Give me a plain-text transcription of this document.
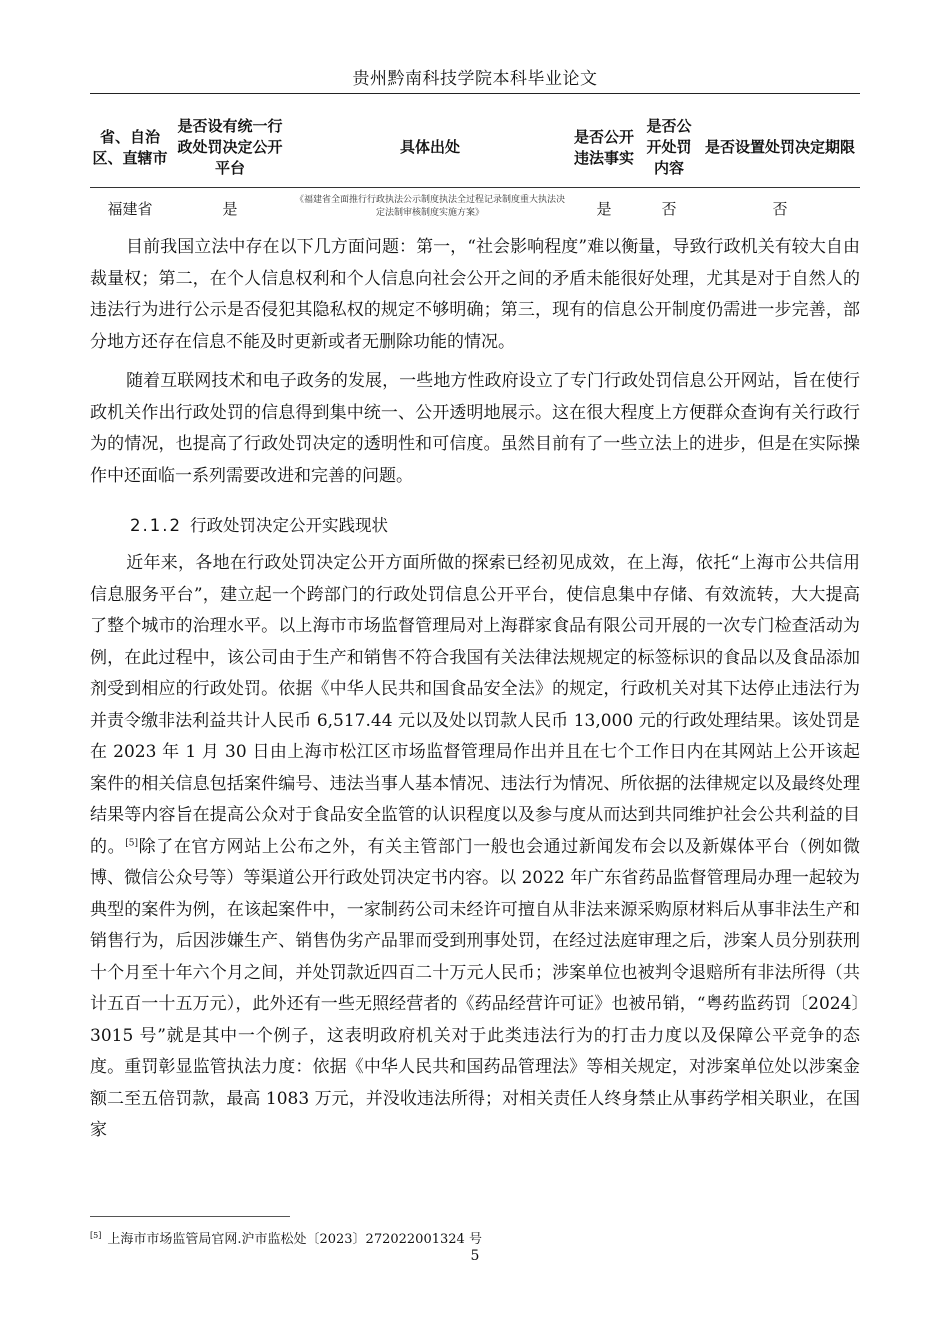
贵州黔南科技学院本科毕业论文
省、自治区、直辖市	是否设有统一行政处罚决定公开平台	具体出处	是否公开违法事实	是否公开处罚内容	是否设置处罚决定期限
福建省	是	《福建省全面推行行政执法公示制度执法全过程记录制度重大执法决定法制审核制度实施方案》	是	否	否

目前我国立法中存在以下几方面问题：第一，“社会影响程度”难以衡量，导致行政机关有较大自由裁量权；第二，在个人信息权利和个人信息向社会公开之间的矛盾未能很好处理，尤其是对于自然人的违法行为进行公示是否侵犯其隐私权的规定不够明确；第三，现有的信息公开制度仍需进一步完善，部分地方还存在信息不能及时更新或者无删除功能的情况。

随着互联网技术和电子政务的发展，一些地方性政府设立了专门行政处罚信息公开网站，旨在使行政机关作出行政处罚的信息得到集中统一、公开透明地展示。这在很大程度上方便群众查询有关行政行为的情况，也提高了行政处罚决定的透明性和可信度。虽然目前有了一些立法上的进步，但是在实际操作中还面临一系列需要改进和完善的问题。

2.1.2 行政处罚决定公开实践现状

近年来，各地在行政处罚决定公开方面所做的探索已经初见成效，在上海，依托“上海市公共信用信息服务平台”，建立起一个跨部门的行政处罚信息公开平台，使信息集中存储、有效流转，大大提高了整个城市的治理水平。以上海市市场监督管理局对上海群家食品有限公司开展的一次专门检查活动为例，在此过程中，该公司由于生产和销售不符合我国有关法律法规规定的标签标识的食品以及食品添加剂受到相应的行政处罚。依据《中华人民共和国食品安全法》的规定，行政机关对其下达停止违法行为并责令缴非法利益共计人民币 6,517.44 元以及处以罚款人民币 13,000 元的行政处理结果。该处罚是在 2023 年 1 月 30 日由上海市松江区市场监督管理局作出并且在七个工作日内在其网站上公开该起案件的相关信息包括案件编号、违法当事人基本情况、违法行为情况、所依据的法律规定以及最终处理结果等内容旨在提高公众对于食品安全监管的认识程度以及参与度从而达到共同维护社会公共利益的目的。[5]除了在官方网站上公布之外，有关主管部门一般也会通过新闻发布会以及新媒体平台（例如微博、微信公众号等）等渠道公开行政处罚决定书内容。以 2022 年广东省药品监督管理局办理一起较为典型的案件为例，在该起案件中，一家制药公司未经许可擅自从非法来源采购原材料后从事非法生产和销售行为，后因涉嫌生产、销售伪劣产品罪而受到刑事处罚，在经过法庭审理之后，涉案人员分别获刑十个月至十年六个月之间，并处罚款近四百二十万元人民币；涉案单位也被判令退赔所有非法所得（共计五百一十五万元），此外还有一些无照经营者的《药品经营许可证》也被吊销，“粤药监药罚〔2024〕3015 号”就是其中一个例子，这表明政府机关对于此类违法行为的打击力度以及保障公平竞争的态度。重罚彰显监管执法力度：依据《中华人民共和国药品管理法》等相关规定，对涉案单位处以涉案金额二至五倍罚款，最高 1083 万元，并没收违法所得；对相关责任人终身禁止从事药学相关职业，在国家

[5] 上海市市场监管局官网.沪市监松处〔2023〕272022001324 号
5
